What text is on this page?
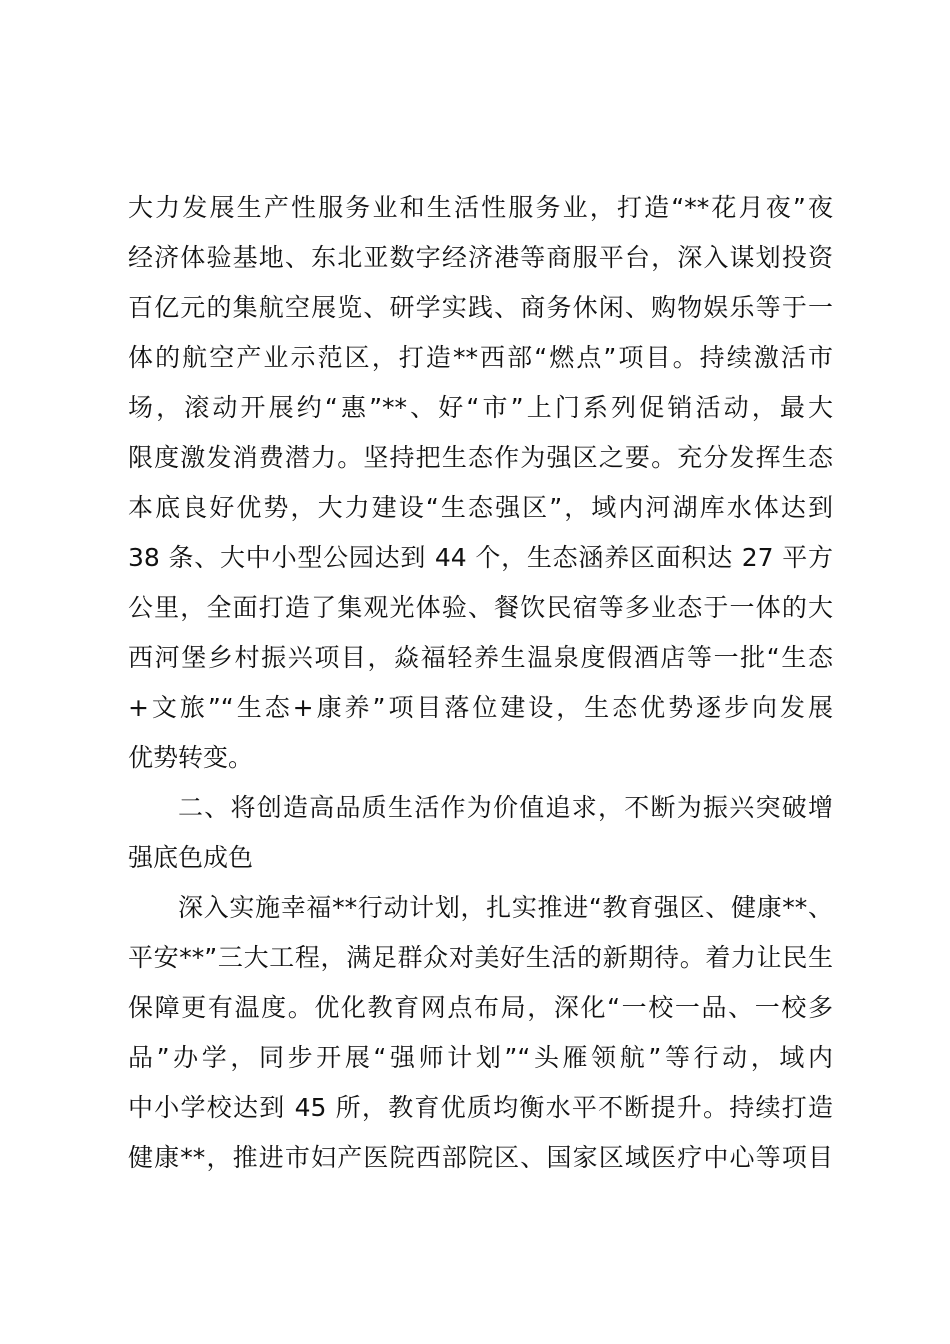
大力发展生产性服务业和生活性服务业，打造“**花月夜”夜
经济体验基地、东北亚数字经济港等商服平台，深入谋划投资
百亿元的集航空展览、研学实践、商务休闲、购物娱乐等于一
体的航空产业示范区，打造**西部“燃点”项目。持续激活市
场，滚动开展约“惠”**、好“市”上门系列促销活动，最大
限度激发消费潜力。坚持把生态作为强区之要。充分发挥生态
本底良好优势，大力建设“生态强区”，域内河湖库水体达到
38 条、大中小型公园达到 44 个，生态涵养区面积达 27 平方
公里，全面打造了集观光体验、餐饮民宿等多业态于一体的大
西河堡乡村振兴项目，焱福轻养生温泉度假酒店等一批“生态
+文旅”“生态+康养”项目落位建设，生态优势逐步向发展
优势转变。
二、将创造高品质生活作为价值追求，不断为振兴突破增
强底色成色
深入实施幸福**行动计划，扎实推进“教育强区、健康**、
平安**”三大工程，满足群众对美好生活的新期待。着力让民生
保障更有温度。优化教育网点布局，深化“一校一品、一校多
品”办学，同步开展“强师计划”“头雁领航”等行动，域内
中小学校达到 45 所，教育优质均衡水平不断提升。持续打造
健康**，推进市妇产医院西部院区、国家区域医疗中心等项目
